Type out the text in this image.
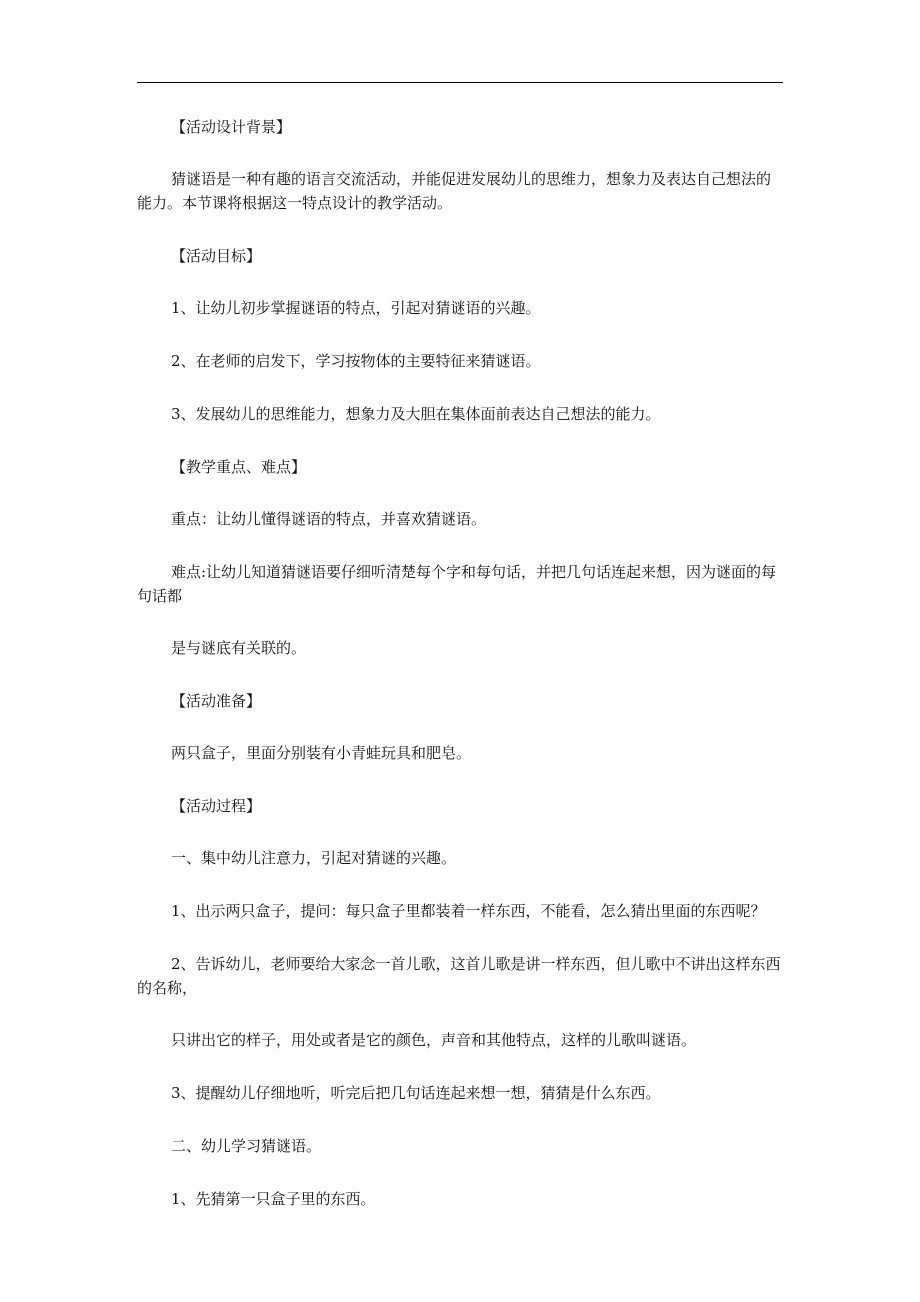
【活动设计背景】

猜谜语是一种有趣的语言交流活动，并能促进发展幼儿的思维力，想象力及表达自己想法的能力。本节课将根据这一特点设计的教学活动。

【活动目标】

1、让幼儿初步掌握谜语的特点，引起对猜谜语的兴趣。

2、在老师的启发下，学习按物体的主要特征来猜谜语。

3、发展幼儿的思维能力，想象力及大胆在集体面前表达自己想法的能力。

【教学重点、难点】

重点：让幼儿懂得谜语的特点，并喜欢猜谜语。

难点:让幼儿知道猜谜语要仔细听清楚每个字和每句话，并把几句话连起来想，因为谜面的每句话都

是与谜底有关联的。

【活动准备】

两只盒子，里面分别装有小青蛙玩具和肥皂。

【活动过程】

一、集中幼儿注意力，引起对猜谜的兴趣。

1、出示两只盒子，提问：每只盒子里都装着一样东西，不能看，怎么猜出里面的东西呢？

2、告诉幼儿，老师要给大家念一首儿歌，这首儿歌是讲一样东西，但儿歌中不讲出这样东西的名称，

只讲出它的样子，用处或者是它的颜色，声音和其他特点，这样的儿歌叫谜语。

3、提醒幼儿仔细地听，听完后把几句话连起来想一想，猜猜是什么东西。

二、幼儿学习猜谜语。

1、先猜第一只盒子里的东西。
